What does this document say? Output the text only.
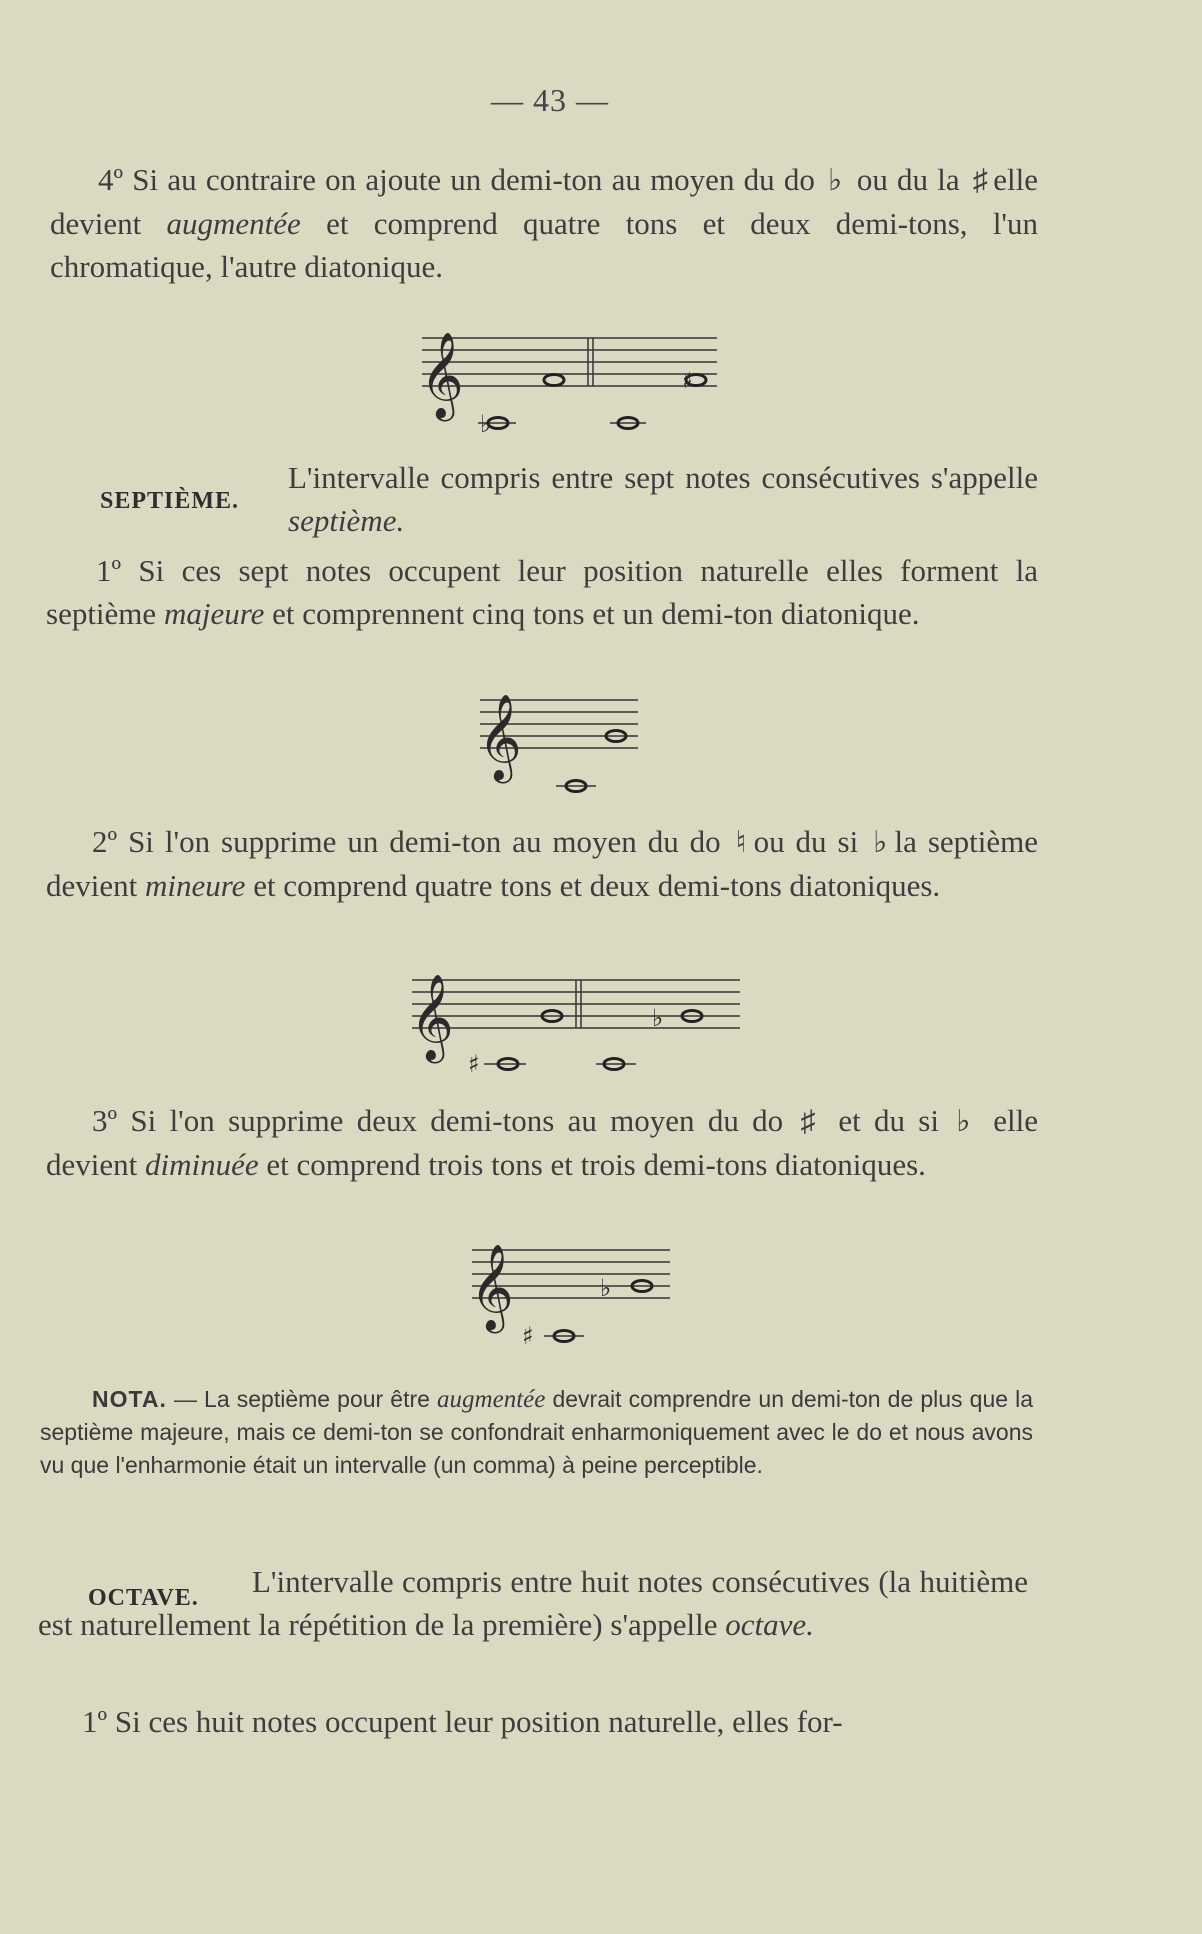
— 43 —
4º Si au contraire on ajoute un demi-ton au moyen du do ♭ ou du la ♯ elle devient augmentée et comprend quatre tons et deux demi-tons, l'un chromatique, l'autre diatonique.
𝄞	♯
♭
SEPTIÈME.
L'intervalle compris entre sept notes consécutives s'appelle septième.
1º Si ces sept notes occupent leur position naturelle elles forment la septième majeure et comprennent cinq tons et un demi-ton diatonique.
𝄞
2º Si l'on supprime un demi-ton au moyen du do ♮ ou du si ♭ la septième devient mineure et comprend quatre tons et deux demi-tons diatoniques.
𝄞	♭
♯
3º Si l'on supprime deux demi-tons au moyen du do ♯ et du si ♭ elle devient diminuée et comprend trois tons et trois demi-tons diatoniques.
𝄞	♭
♯
NOTA. — La septième pour être augmentée devrait comprendre un demi-ton de plus que la septième majeure, mais ce demi-ton se confondrait enharmoniquement avec le do et nous avons vu que l'enharmonie était un intervalle (un comma) à peine perceptible.
OCTAVE.	L'intervalle compris entre huit notes consécutives (la huitième est naturellement la répétition de la première) s'appelle octave.
1º Si ces huit notes occupent leur position naturelle, elles for-
